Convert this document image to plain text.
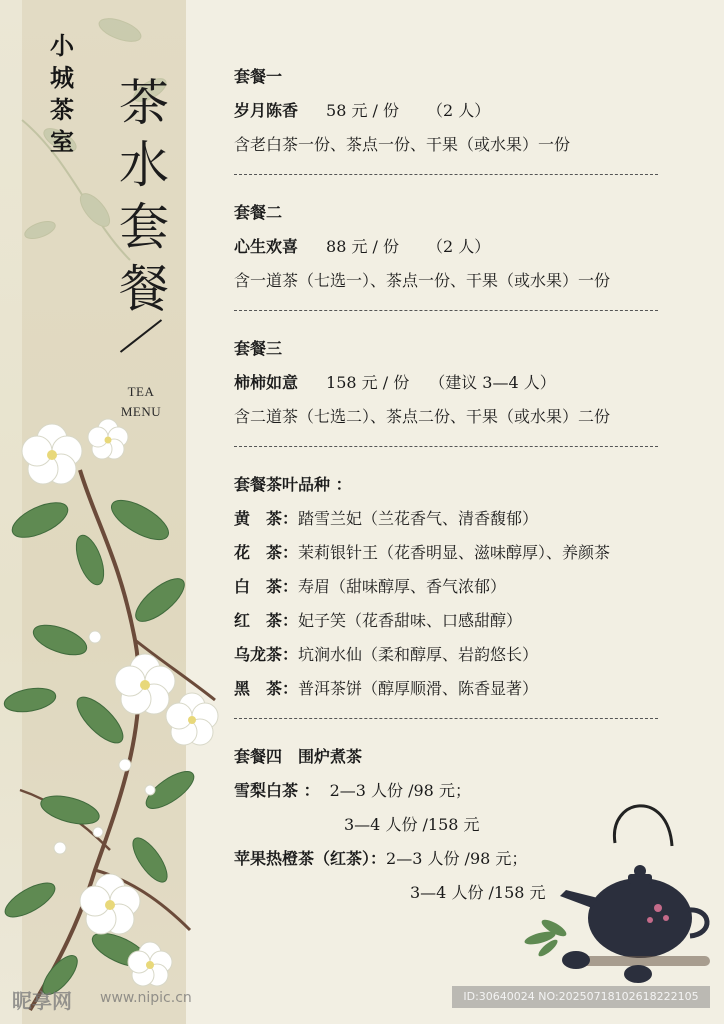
小城茶室
茶水套餐
TEA
MENU
套餐一
岁月陈香 58 元 / 份 （2 人）
含老白茶一份、茶点一份、干果（或水果）一份
套餐二
心生欢喜 88 元 / 份 （2 人）
含一道茶（七选一）、茶点一份、干果（或水果）一份
套餐三
柿柿如意 158 元 / 份 （建议 3—4 人）
含二道茶（七选二）、茶点二份、干果（或水果）二份
套餐茶叶品种 ：
黄　茶：踏雪兰妃（兰花香气、清香馥郁）
花　茶：茉莉银针王（花香明显、滋味醇厚）、养颜茶
白　茶：寿眉（甜味醇厚、香气浓郁）
红　茶：妃子笑（花香甜味、口感甜醇）
乌龙茶：坑涧水仙（柔和醇厚、岩韵悠长）
黑　茶：普洱茶饼（醇厚顺滑、陈香显著）
套餐四　围炉煮茶
雪梨白茶 ： 2—3 人份 /98 元；
3—4 人份 /158 元
苹果热橙茶（红茶）：2—3 人份 /98 元；
3—4 人份 /158 元
昵享网 www.nipic.cn	ID:30640024 NO:20250718102618222105
